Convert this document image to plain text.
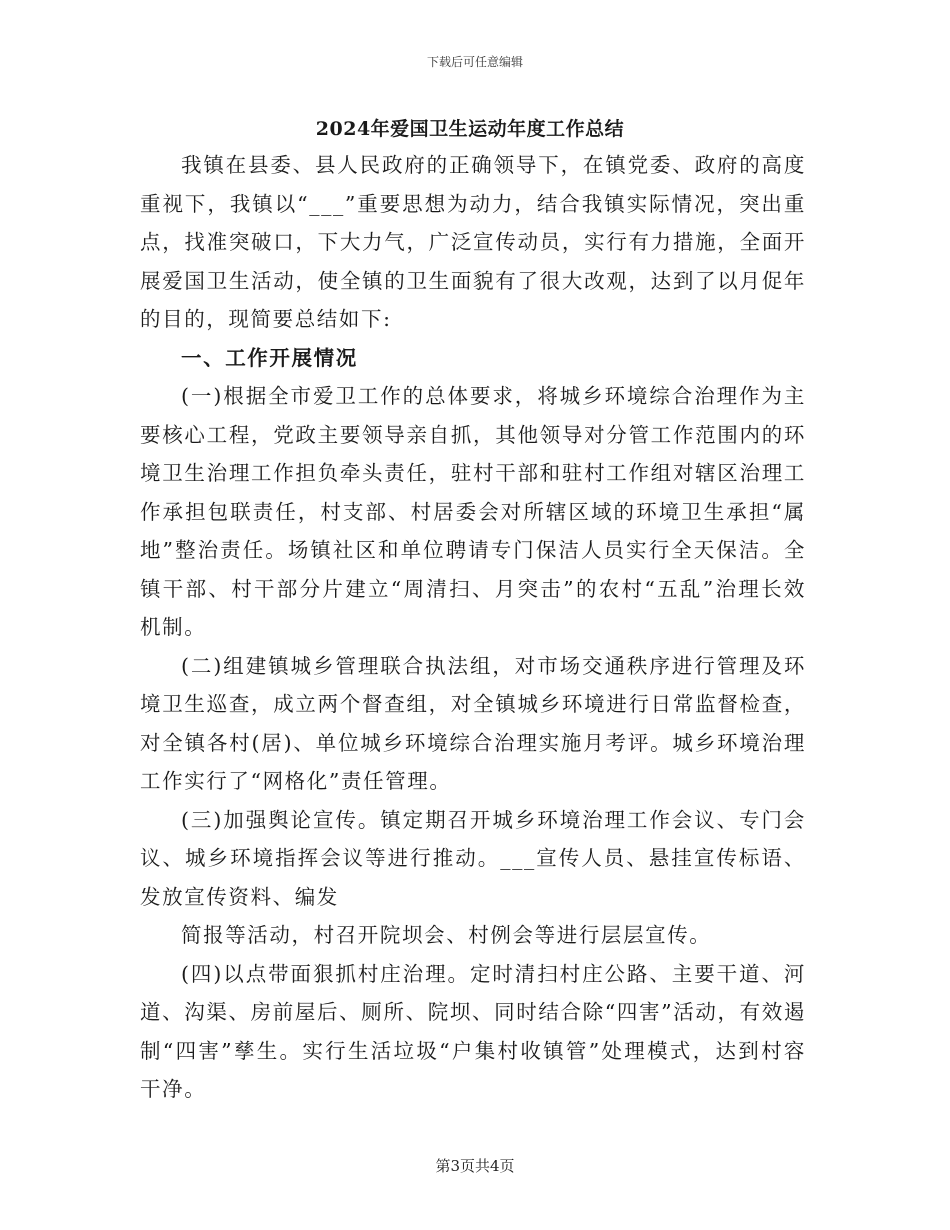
下载后可任意编辑
2024年爱国卫生运动年度工作总结

我镇在县委、县人民政府的正确领导下，在镇党委、政府的高度重视下，我镇以“___”重要思想为动力，结合我镇实际情况，突出重点，找准突破口，下大力气，广泛宣传动员，实行有力措施，全面开展爱国卫生活动，使全镇的卫生面貌有了很大改观，达到了以月促年的目的，现简要总结如下:

一、工作开展情况

(一)根据全市爱卫工作的总体要求，将城乡环境综合治理作为主要核心工程，党政主要领导亲自抓，其他领导对分管工作范围内的环境卫生治理工作担负牵头责任，驻村干部和驻村工作组对辖区治理工作承担包联责任，村支部、村居委会对所辖区域的环境卫生承担“属地”整治责任。场镇社区和单位聘请专门保洁人员实行全天保洁。全镇干部、村干部分片建立“周清扫、月突击”的农村“五乱”治理长效机制。

(二)组建镇城乡管理联合执法组，对市场交通秩序进行管理及环境卫生巡查，成立两个督查组，对全镇城乡环境进行日常监督检查，对全镇各村(居)、单位城乡环境综合治理实施月考评。城乡环境治理工作实行了“网格化”责任管理。

(三)加强舆论宣传。镇定期召开城乡环境治理工作会议、专门会议、城乡环境指挥会议等进行推动。___宣传人员、悬挂宣传标语、发放宣传资料、编发

简报等活动，村召开院坝会、村例会等进行层层宣传。

(四)以点带面狠抓村庄治理。定时清扫村庄公路、主要干道、河道、沟渠、房前屋后、厕所、院坝、同时结合除“四害”活动，有效遏制“四害”孳生。实行生活垃圾“户集村收镇管”处理模式，达到村容干净。

第3页共4页
